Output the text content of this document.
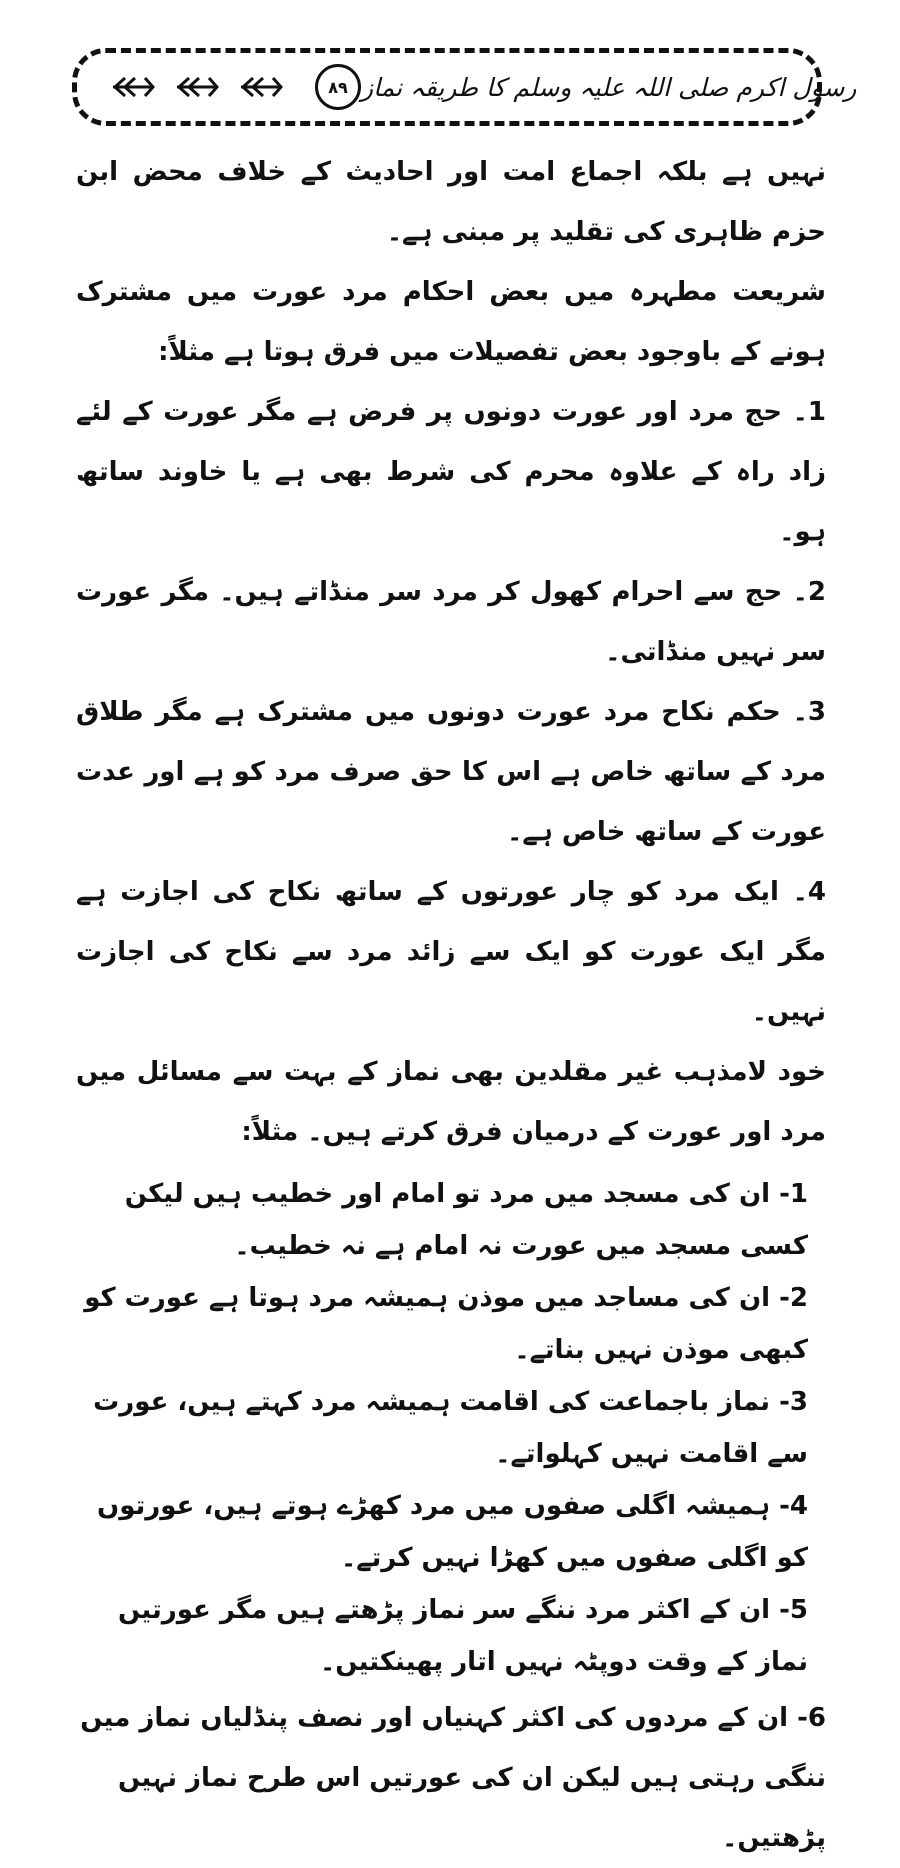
۸۹ رسول اکرم صلی اللہ علیہ وسلم کا طریقہ نماز

نہیں ہے بلکہ اجماع امت اور احادیث کے خلاف محض ابن حزم ظاہری کی تقلید پر مبنی ہے۔

شریعت مطہرہ میں بعض احکام مرد عورت میں مشترک ہونے کے باوجود بعض تفصیلات میں فرق ہوتا ہے مثلاً:

1۔ حج مرد اور عورت دونوں پر فرض ہے مگر عورت کے لئے زاد راہ کے علاوہ محرم کی شرط بھی ہے یا خاوند ساتھ ہو۔

2۔ حج سے احرام کھول کر مرد سر منڈاتے ہیں۔ مگر عورت سر نہیں منڈاتی۔

3۔ حکم نکاح مرد عورت دونوں میں مشترک ہے مگر طلاق مرد کے ساتھ خاص ہے اس کا حق صرف مرد کو ہے اور عدت عورت کے ساتھ خاص ہے۔

4۔ ایک مرد کو چار عورتوں کے ساتھ نکاح کی اجازت ہے مگر ایک عورت کو ایک سے زائد مرد سے نکاح کی اجازت نہیں۔

خود لامذہب غیر مقلدین بھی نماز کے بہت سے مسائل میں مرد اور عورت کے درمیان فرق کرتے ہیں۔ مثلاً:

1- ان کی مسجد میں مرد تو امام اور خطیب ہیں لیکن کسی مسجد میں عورت نہ امام ہے نہ خطیب۔

2- ان کی مساجد میں موذن ہمیشہ مرد ہوتا ہے عورت کو کبھی موذن نہیں بناتے۔

3- نماز باجماعت کی اقامت ہمیشہ مرد کہتے ہیں، عورت سے اقامت نہیں کہلواتے۔

4- ہمیشہ اگلی صفوں میں مرد کھڑے ہوتے ہیں، عورتوں کو اگلی صفوں میں کھڑا نہیں کرتے۔

5- ان کے اکثر مرد ننگے سر نماز پڑھتے ہیں مگر عورتیں نماز کے وقت دوپٹہ نہیں اتار پھینکتیں۔

6- ان کے مردوں کی اکثر کہنیاں اور نصف پنڈلیاں نماز میں ننگی رہتی ہیں لیکن ان کی عورتیں اس طرح نماز نہیں پڑھتیں۔
